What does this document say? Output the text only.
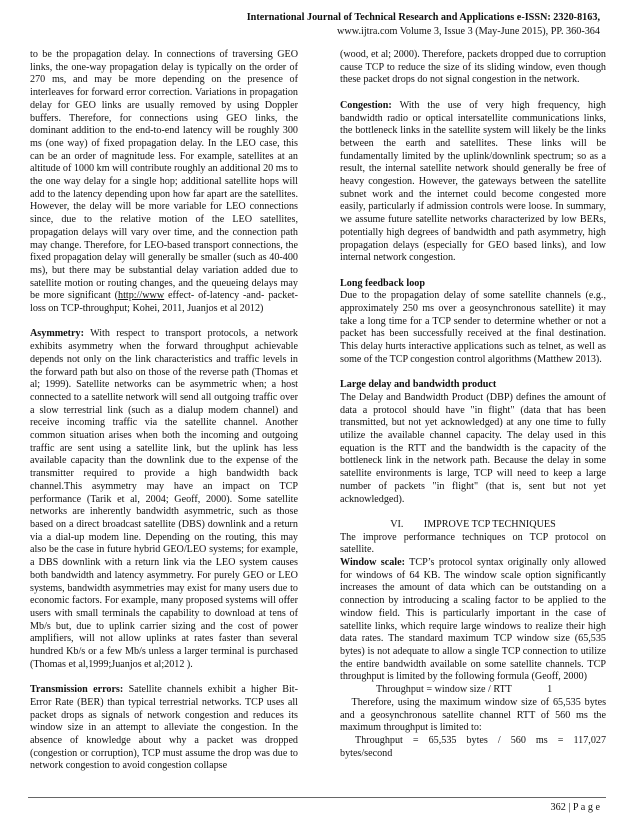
International Journal of Technical Research and Applications e-ISSN: 2320-8163,
www.ijtra.com Volume 3, Issue 3 (May-June 2015), PP. 360-364

to be the propagation delay. In connections of traversing GEO links, the one-way propagation delay is typically on the order of 270 ms, and may be more depending on the presence of interleaves for forward error correction. Variations in propagation delay for GEO links are usually removed by using Doppler buffers. Therefore, for connections using GEO links, the dominant addition to the end-to-end latency will be roughly 300 ms (one way) of fixed propagation delay. In the LEO case, this can be an order of magnitude less. For example, satellites at an altitude of 1000 km will contribute roughly an additional 20 ms to the one way delay for a single hop; additional satellite hops will add to the latency depending upon how far apart are the satellites. However, the delay will be more variable for LEO connections since, due to the relative motion of the LEO satellites, propagation delays will vary over time, and the connection path may change. Therefore, for LEO-based transport connections, the fixed propagation delay will generally be smaller (such as 40-400 ms), but there may be substantial delay variation added due to satellite motion or routing changes, and the queueing delays may be more significant (http://www effect- of-latency -and- packet- loss on TCP-throughput; Kohei, 2011, Juanjos et al 2012)

Asymmetry: With respect to transport protocols, a network exhibits asymmetry when the forward throughput achievable depends not only on the link characteristics and traffic levels in the forward path but also on those of the reverse path (Thomas et al; 1999). Satellite networks can be asymmetric when; a host connected to a satellite network will send all outgoing traffic over a slow terrestrial link (such as a dialup modem channel) and receive incoming traffic via the satellite channel. Another common situation arises when both the incoming and outgoing traffic are sent using a satellite link, but the uplink has less available capacity than the downlink due to the expense of the transmitter required to provide a high bandwidth back channel.This asymmetry may have an impact on TCP performance (Tarik et al, 2004; Geoff, 2000). Some satellite networks are inherently bandwidth asymmetric, such as those based on a direct broadcast satellite (DBS) downlink and a return via a dial-up modem line. Depending on the routing, this may also be the case in future hybrid GEO/LEO systems; for example, a DBS downlink with a return link via the LEO system causes both bandwidth and latency asymmetry. For purely GEO or LEO systems, bandwidth asymmetries may exist for many users due to economic factors. For example, many proposed systems will offer users with small terminals the capability to download at tens of Mb/s but, due to uplink carrier sizing and the cost of power amplifiers, will not allow uplinks at rates faster than several hundred Kb/s or a few Mb/s unless a larger terminal is purchased (Thomas et al,1999;Juanjos et al;2012 ).

Transmission errors: Satellite channels exhibit a higher Bit-Error Rate (BER) than typical terrestrial networks. TCP uses all packet drops as signals of network congestion and reduces its window size in an attempt to alleviate the congestion. In the absence of knowledge about why a packet was dropped (congestion or corruption), TCP must assume the drop was due to network congestion to avoid congestion collapse

(wood, et al; 2000). Therefore, packets dropped due to corruption cause TCP to reduce the size of its sliding window, even though these packet drops do not signal congestion in the network.

Congestion: With the use of very high frequency, high bandwidth radio or optical intersatellite communications links, the bottleneck links in the satellite system will likely be the links between the earth and satellites. These links will be fundamentally limited by the uplink/downlink spectrum; so as a result, the internal satellite network should generally be free of heavy congestion. However, the gateways between the satellite subnet work and the internet could become congested more easily, particularly if admission controls were loose. In summary, we assume future satellite networks characterized by low BERs, potentially high degrees of bandwidth and path asymmetry, high propagation delays (especially for GEO based links), and low internal network congestion.

Long feedback loop

Due to the propagation delay of some satellite channels (e.g., approximately 250 ms over a geosynchronous satellite) it may take a long time for a TCP sender to determine whether or not a packet has been successfully received at the final destination. This delay hurts interactive applications such as telnet, as well as some of the TCP congestion control algorithms (Matthew 2013).

Large delay and bandwidth product

The Delay and Bandwidth Product (DBP) defines the amount of data a protocol should have "in flight" (data that has been transmitted, but not yet acknowledged) at any one time to fully utilize the available channel capacity. The delay used in this equation is the RTT and the bandwidth is the capacity of the bottleneck link in the network path. Because the delay in some satellite environments is large, TCP will need to keep a large number of packets "in flight" (that is, sent but not yet acknowledged).

VI.        IMPROVE TCP TECHNIQUES
The improve performance techniques on TCP protocol on satellite.
Window scale: TCP’s protocol syntax originally only allowed for windows of 64 KB. The window scale option significantly increases the amount of data which can be outstanding on a connection by introducing a scaling factor to be applied to the window field. This is particularly important in the case of satellite links, which require large windows to realize their high data rates. The standard maximum TCP window size (65,535 bytes) is not adequate to allow a single TCP connection to utilize the entire bandwidth available on some satellite channels. TCP throughput is limited by the following formula (Geoff, 2000)
Throughput = window size / RTT              1
Therefore, using the maximum window size of 65,535 bytes and a geosynchronous satellite channel RTT of 560 ms the maximum throughput is limited to:
Throughput  =  65,535  bytes  /  560  ms  =  117,027 bytes/second
362 | P a g e
